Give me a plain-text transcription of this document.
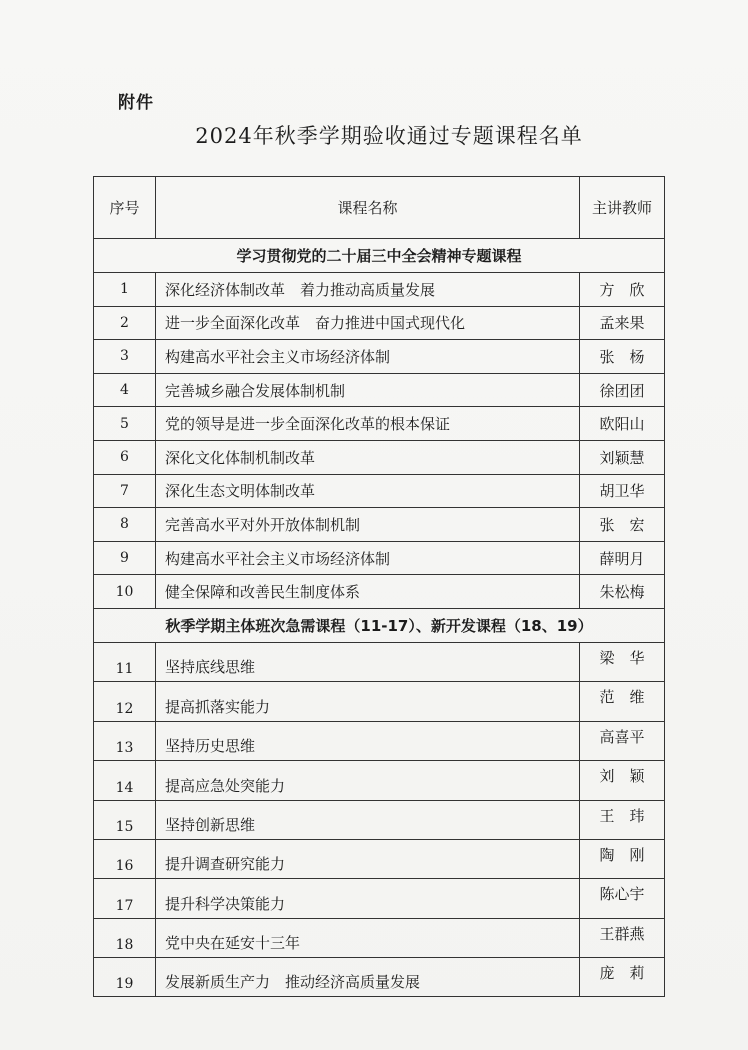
附件
2024年秋季学期验收通过专题课程名单
序号	课程名称	主讲教师
学习贯彻党的二十届三中全会精神专题课程		
1	深化经济体制改革　着力推动高质量发展	方　欣
2	进一步全面深化改革　奋力推进中国式现代化	孟来果
3	构建高水平社会主义市场经济体制	张　杨
4	完善城乡融合发展体制机制	徐团团
5	党的领导是进一步全面深化改革的根本保证	欧阳山
6	深化文化体制机制改革	刘颖慧
7	深化生态文明体制改革	胡卫华
8	完善高水平对外开放体制机制	张　宏
9	构建高水平社会主义市场经济体制	薛明月
10	健全保障和改善民生制度体系	朱松梅
秋季学期主体班次急需课程（11-17）、新开发课程（18、19）		
11	坚持底线思维	梁　华
12	提高抓落实能力	范　维
13	坚持历史思维	高喜平
14	提高应急处突能力	刘　颖
15	坚持创新思维	王　玮
16	提升调查研究能力	陶　刚
17	提升科学决策能力	陈心宇
18	党中央在延安十三年	王群燕
19	发展新质生产力　推动经济高质量发展	庞　莉
